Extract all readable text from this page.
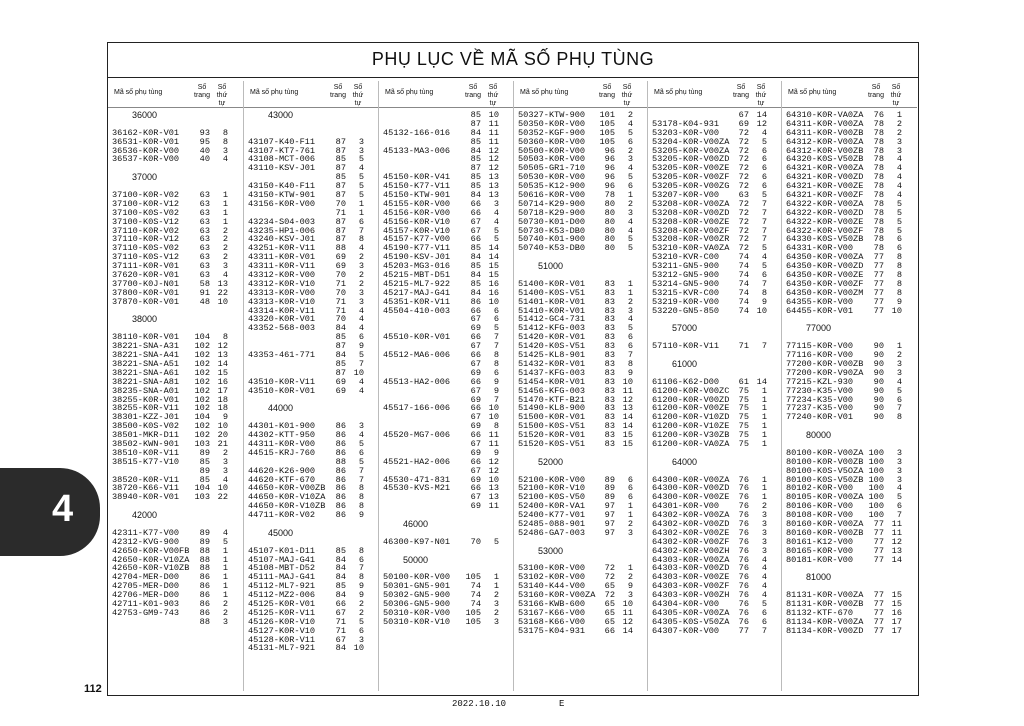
4
112
PHỤ LỤC VỀ MÃ SỐ PHỤ TÙNG
Mã số phụ tùng
Số trang
Số thứ tự
36000
36162-K0R-V01	93	8
36531-K0R-V01	95	8
36536-K0R-V00	40	3
36537-K0R-V00	40	4
37000
37100-K0R-V02	63	1
37100-K0R-V12	63	1
37100-K0S-V02	63	1
37100-K0S-V12	63	1
37110-K0R-V02	63	2
37110-K0R-V12	63	2
37110-K0S-V02	63	2
37110-K0S-V12	63	2
37111-K0R-V01	63	3
37620-K0R-V01	63	4
37700-K0J-N01	58 13
37800-K0R-V01	91 22
37870-K0R-V01	48 10
38000
38110-K0R-V01	104	8
38221-SNA-A31	102 12
38221-SNA-A41	102 13
38221-SNA-A51	102 14
38221-SNA-A61	102 15
38221-SNA-A81	102 16
38235-SNA-A01	102 17
38255-K0R-V01	102 18
38255-K0R-V11	102 18
38301-KZZ-J01	104	9
38500-K0S-V02	102 10
38501-MKR-D11	102 20
38502-KWN-901	103 21
38510-K0R-V11	89	2
38515-K77-V10	85	3
89	3
38520-K0R-V11	85	4
38720-K66-V11	104 10
38940-K0R-V01	103 22
42000
42311-K77-V00	89	4
42312-KVG-900	89	5
42650-K0R-V00FB	88	1
42650-K0R-V10ZA	88	1
42650-K0R-V10ZB	88	1
42704-MER-D00	86	1
42705-MER-D00	86	1
42706-MER-D00	86	1
42711-K01-903	86	2
42753-GM9-743	86	2
88	3
Mã số phụ tùng
Số trang
Số thứ tự
43000
43107-K40-F11	87	3
43107-KT7-761	87	3
43108-MCT-006	85	5
43110-KSV-J01	87	4
85	5
43150-K40-F11	87	5
43150-KTW-901	87	5
43156-K0R-V00	70	1
71	1
43234-S04-003	87	6
43235-HP1-006	87	7
43240-KSV-J01	87	8
43251-K0R-V11	88	4
43311-K0R-V01	69	2
43311-K0R-V11	69	3
43312-K0R-V00	70	2
43312-K0R-V10	71	2
43313-K0R-V00	70	3
43313-K0R-V10	71	3
43314-K0R-V11	71	4
43320-K0R-V01	70	4
43352-568-003	84	4
85	6
87	9
43353-461-771	84	5
85	7
87 10
43510-K0R-V11	69	4
43510-K0R-V01	69	4
44000
44301-K01-900	86	3
44302-KTT-950	86	4
44311-K0R-V00	86	5
44515-KRJ-760	86	6
88	5
44620-K26-900	86	7
44620-KTF-670	86	7
44650-K0R-V00ZB	86	8
44650-K0R-V10ZA	86	8
44650-K0R-V10ZB	86	8
44711-K0R-V02	86	9
45000
45107-K01-D11	85	8
45107-MAJ-G41	84	6
45108-MBT-D52	84	7
45111-MAJ-G41	84	8
45112-ML7-921	85	9
45112-MZ2-006	84	9
45125-K0R-V01	66	2
45125-K0R-V11	67	2
45126-K0R-V10	71	5
45127-K0R-V10	71	6
45128-K0R-V11	67	3
45131-ML7-921	84 10
Mã số phụ tùng
Số trang
Số thứ tự
85 10
87 11
45132-166-016	84 11
85 11
45133-MA3-006	84 12
85 12
87 12
45150-K0R-V41	85 13
45150-K77-V11	85 13
45150-KTW-901	84 13
45155-K0R-V00	66	3
45156-K0R-V00	66	4
45156-K0R-V10	67	4
45157-K0R-V10	67	5
45157-K77-V00	66	5
45190-K77-V11	85 14
45190-KSV-J01	84 14
45203-MG3-016	85 15
45215-MBT-D51	84 15
45215-ML7-922	85 16
45217-MAJ-G41	84 16
45351-K0R-V11	86 10
45504-410-003	66	6
67	6
69	5
45510-K0R-V01	66	7
67	7
45512-MA6-006	66	8
67	8
69	6
45513-HA2-006	66	9
67	9
69	7
45517-166-006	66 10
67 10
69	8
45520-MG7-006	66 11
67 11
69	9
45521-HA2-006	66 12
67 12
45530-471-831	69 10
45530-KVS-M21	66 13
67 13
69 11
46000
46300-K97-N01	70	5
50000
50100-K0R-V00	105	1
50301-GN5-901	74	1
50302-GN5-900	74	2
50306-GN5-900	74	3
50310-K0R-V00	105	2
50310-K0R-V10	105	3
Mã số phụ tùng
Số trang
Số thứ tự
50327-KTW-900	101	2
50350-K0R-V00	105	4
50352-KGF-900	105	5
50360-K0R-V00	105	6
50500-K0R-V00	96	2
50503-K0R-V00	96	3
50505-GR1-710	96	4
50530-K0R-V00	96	5
50535-K12-900	96	6
50616-K0R-V00	78	1
50714-K29-900	80	2
50718-K29-900	80	3
50730-K01-D00	80	4
50730-K53-DB0	80	4
50740-K01-900	80	5
50740-K53-DB0	80	5
51000
51400-K0R-V01	83	1
51400-K0S-V51	83	1
51401-K0R-V01	83	2
51410-K0R-V01	83	3
51412-GC4-731	83	4
51412-KFG-003	83	5
51420-K0R-V01	83	6
51420-K0S-V51	83	6
51425-KL8-901	83	7
51432-K0R-V01	83	8
51437-KFG-003	83	9
51454-K0R-V01	83 10
51456-KFG-003	83 11
51470-KTF-B21	83 12
51490-KL8-900	83 13
51500-K0R-V01	83 14
51500-K0S-V51	83 14
51520-K0R-V01	83 15
51520-K0S-V51	83 15
52000
52100-K0R-V00	89	6
52100-K0R-V10	89	6
52100-K0S-V50	89	6
52400-K0R-VA1	97	1
52400-K77-V01	97	1
52485-088-901	97	2
52486-GA7-003	97	3
53000
53100-K0R-V00	72	1
53102-K0R-V00	72	2
53140-K44-V00	65	9
53160-K0R-V00ZA	72	3
53166-KWB-600	65 10
53167-K66-V00	65 11
53168-K66-V00	65 12
53175-K04-931	66 14
Mã số phụ tùng
Số trang
Số thứ tự
67 14
53178-K04-931	69 12
53203-K0R-V00	72	4
53204-K0R-V00ZA	72	5
53205-K0R-V00ZA	72	6
53205-K0R-V00ZD	72	6
53205-K0R-V00ZE	72	6
53205-K0R-V00ZF	72	6
53205-K0R-V00ZG	72	6
53207-K0R-V00	63	5
53208-K0R-V00ZA	72	7
53208-K0R-V00ZD	72	7
53208-K0R-V00ZE	72	7
53208-K0R-V00ZF	72	7
53208-K0R-V00ZR	72	7
53210-K0R-VA0ZA	72	5
53210-KVR-C00	74	4
53211-GN5-900	74	5
53212-GN5-900	74	6
53214-GN5-900	74	7
53215-KVR-C00	74	8
53219-K0R-V00	74	9
53220-GN5-850	74 10
57000
57110-K0R-V11	71	7
61000
61106-K62-D00	61 14
61200-K0R-V00ZC	75	1
61200-K0R-V00ZD	75	1
61200-K0R-V00ZE	75	1
61200-K0R-V10ZD	75	1
61200-K0R-V10ZE	75	1
61200-K0R-V30ZB	75	1
61200-K0R-VA0ZA	75	1
64000
64300-K0R-V00ZA	76	1
64300-K0R-V00ZD	76	1
64300-K0R-V00ZE	76	1
64301-K0R-V00	76	2
64302-K0R-V00ZA	76	3
64302-K0R-V00ZD	76	3
64302-K0R-V00ZE	76	3
64302-K0R-V00ZF	76	3
64302-K0R-V00ZH	76	3
64303-K0R-V00ZA	76	4
64303-K0R-V00ZD	76	4
64303-K0R-V00ZE	76	4
64303-K0R-V00ZF	76	4
64303-K0R-V00ZH	76	4
64304-K0R-V00	76	5
64305-K0R-V00ZA	76	6
64305-K0S-V50ZA	76	6
64307-K0R-V00	77	7
Mã số phụ tùng
Số trang
Số thứ tự
64310-K0R-VA0ZA	76	1
64311-K0R-V00ZA	78	2
64311-K0R-V00ZB	78	2
64312-K0R-V00ZA	78	3
64312-K0R-V00ZB	78	3
64320-K0S-V50ZB	78	4
64321-K0R-V00ZA	78	4
64321-K0R-V00ZD	78	4
64321-K0R-V00ZE	78	4
64321-K0R-V00ZF	78	4
64322-K0R-V00ZA	78	5
64322-K0R-V00ZD	78	5
64322-K0R-V00ZE	78	5
64322-K0R-V00ZF	78	5
64330-K0S-V50ZB	78	6
64331-K0R-V00	78	6
64350-K0R-V00ZA	77	8
64350-K0R-V00ZD	77	8
64350-K0R-V00ZE	77	8
64350-K0R-V00ZF	77	8
64350-K0R-V00ZM	77	8
64355-K0R-V00	77	9
64455-K0R-V01	77 10
77000
77115-K0R-V00	90	1
77116-K0R-V00	90	2
77200-K0R-V00ZB	90	3
77200-K0R-V90ZA	90	3
77215-KZL-930	90	4
77230-K35-V00	90	5
77234-K35-V00	90	6
77237-K35-V00	90	7
77240-K0R-V01	90	8
80000
80100-K0R-V00ZA 100	3
80100-K0R-V00ZB 100	3
80100-K0S-V5OZA 100	3
80100-K0S-V50ZB 100	3
80102-K0R-V00	100	4
80105-K0R-V00ZA 100	5
80106-K0R-V00	100	6
80108-K0R-V00	100	7
80160-K0R-V00ZA	77 11
80160-K0R-V00ZB	77 11
80161-K12-V00	77 12
80165-K0R-V00	77 13
80181-K0R-V00	77 14
81000
81131-K0R-V00ZA	77 15
81131-K0R-V00ZB	77 15
81132-KTF-670	77 16
81134-K0R-V00ZA	77 17
81134-K0R-V00ZD	77 17
2022.10.10	E
